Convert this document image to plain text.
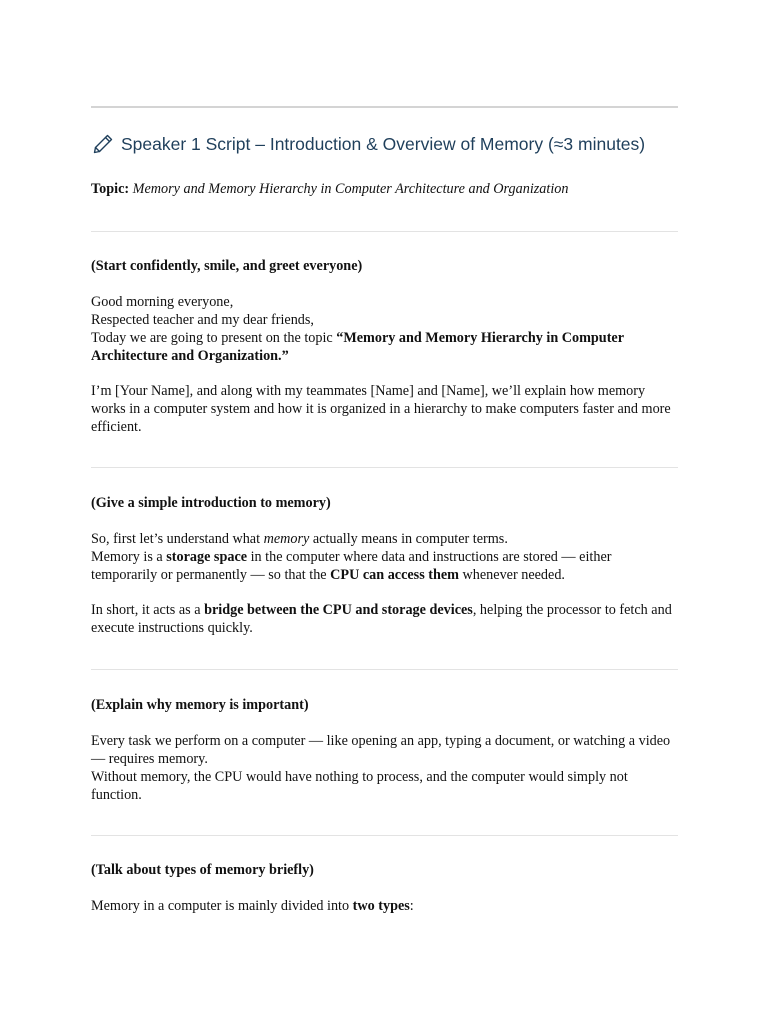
Speaker 1 Script – Introduction & Overview of Memory (≈3 minutes)
Topic: Memory and Memory Hierarchy in Computer Architecture and Organization
(Start confidently, smile, and greet everyone)
Good morning everyone,
Respected teacher and my dear friends,
Today we are going to present on the topic “Memory and Memory Hierarchy in Computer Architecture and Organization.”
I’m [Your Name], and along with my teammates [Name] and [Name], we’ll explain how memory works in a computer system and how it is organized in a hierarchy to make computers faster and more efficient.
(Give a simple introduction to memory)
So, first let’s understand what memory actually means in computer terms.
Memory is a storage space in the computer where data and instructions are stored — either temporarily or permanently — so that the CPU can access them whenever needed.
In short, it acts as a bridge between the CPU and storage devices, helping the processor to fetch and execute instructions quickly.
(Explain why memory is important)
Every task we perform on a computer — like opening an app, typing a document, or watching a video — requires memory.
Without memory, the CPU would have nothing to process, and the computer would simply not function.
(Talk about types of memory briefly)
Memory in a computer is mainly divided into two types:
